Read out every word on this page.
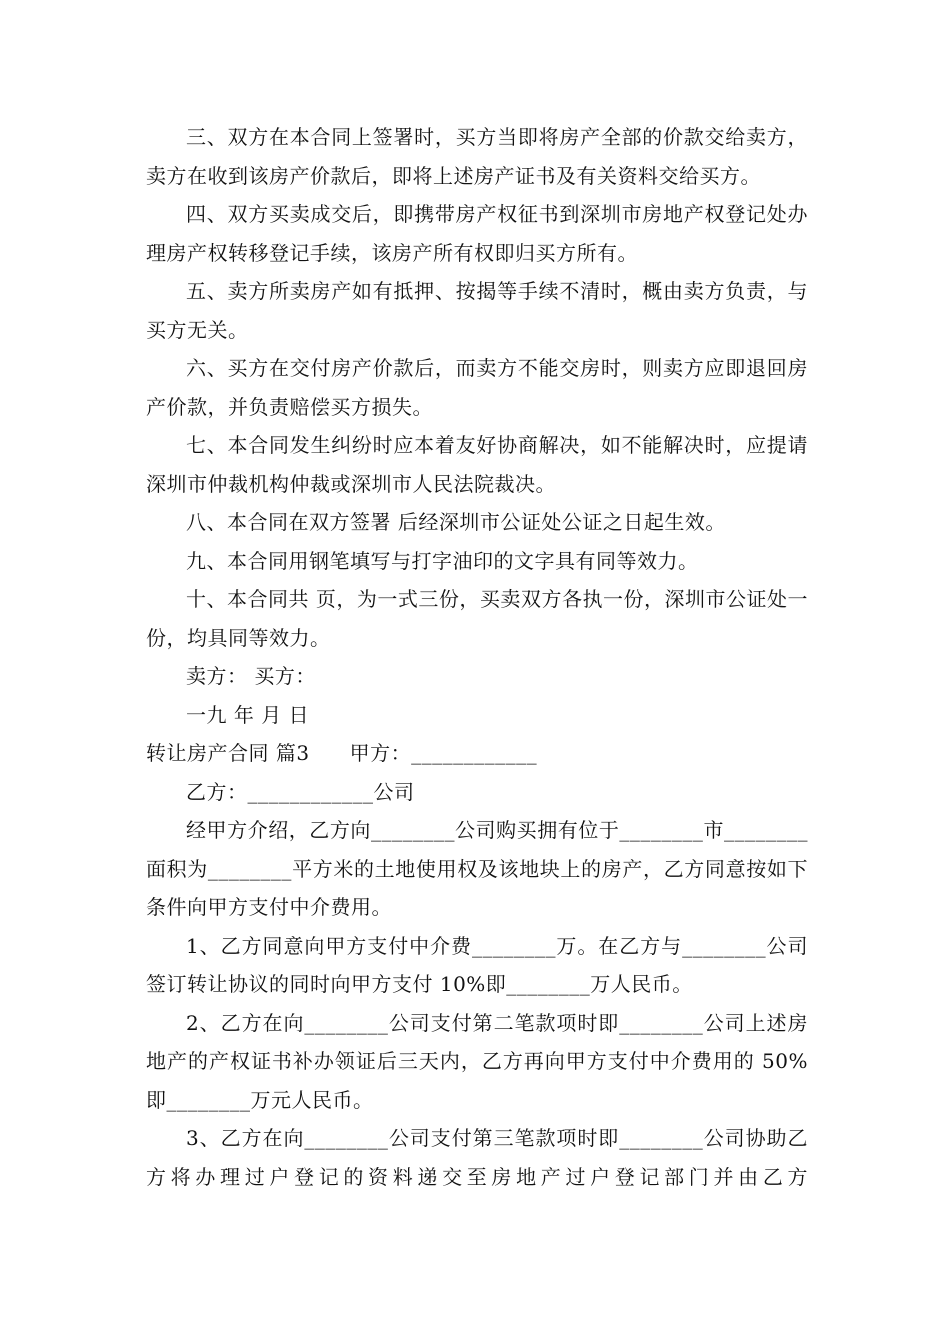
三、双方在本合同上签署时，买方当即将房产全部的价款交给卖方，卖方在收到该房产价款后，即将上述房产证书及有关资料交给买方。

四、双方买卖成交后，即携带房产权征书到深圳市房地产权登记处办理房产权转移登记手续，该房产所有权即归买方所有。

五、卖方所卖房产如有抵押、按揭等手续不清时，概由卖方负责，与买方无关。

六、买方在交付房产价款后，而卖方不能交房时，则卖方应即退回房产价款，并负责赔偿买方损失。

七、本合同发生纠纷时应本着友好协商解决，如不能解决时，应提请深圳市仲裁机构仲裁或深圳市人民法院裁决。

八、本合同在双方签署 后经深圳市公证处公证之日起生效。

九、本合同用钢笔填写与打字油印的文字具有同等效力。

十、本合同共 页，为一式三份，买卖双方各执一份，深圳市公证处一份，均具同等效力。

卖方： 买方：

一九 年 月 日

转让房产合同 篇3 甲方：____________

乙方：____________公司

经甲方介绍，乙方向________公司购买拥有位于________市________面积为________平方米的土地使用权及该地块上的房产，乙方同意按如下条件向甲方支付中介费用。

1、乙方同意向甲方支付中介费________万。在乙方与________公司签订转让协议的同时向甲方支付 10%即________万人民币。

2、乙方在向________公司支付第二笔款项时即________公司上述房地产的产权证书补办领证后三天内，乙方再向甲方支付中介费用的 50%即________万元人民币。

3、乙方在向________公司支付第三笔款项时即________公司协助乙方将办理过户登记的资料递交至房地产过户登记部门并由乙方
